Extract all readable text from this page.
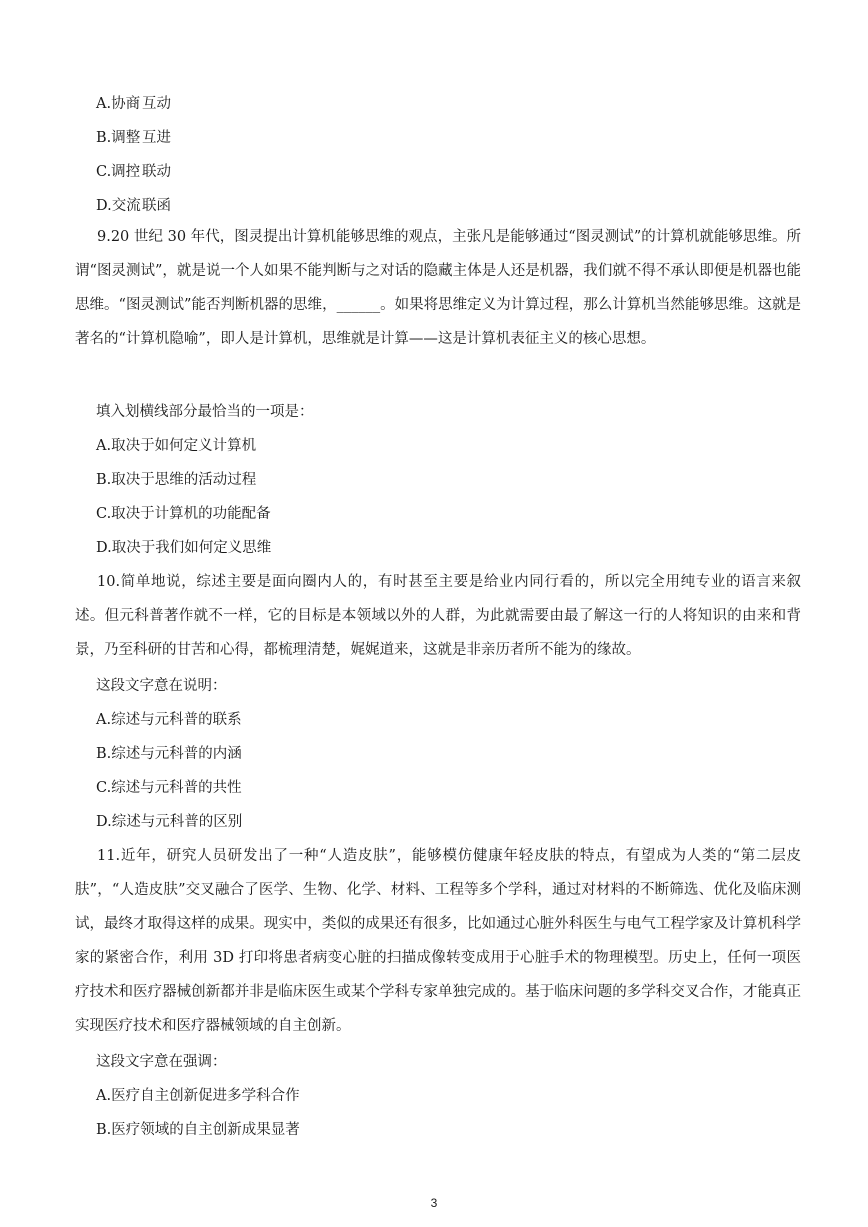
A.协商 互动
B.调整 互进
C.调控 联动
D.交流联函
9.20 世纪 30 年代，图灵提出计算机能够思维的观点，主张凡是能够通过“图灵测试”的计算机就能够思维。所谓“图灵测试”，就是说一个人如果不能判断与之对话的隐藏主体是人还是机器，我们就不得不承认即便是机器也能思维。“图灵测试”能否判断机器的思维，______。如果将思维定义为计算过程，那么计算机当然能够思维。这就是著名的“计算机隐喻”，即人是计算机，思维就是计算——这是计算机表征主义的核心思想。
填入划横线部分最恰当的一项是：
A.取决于如何定义计算机
B.取决于思维的活动过程
C.取决于计算机的功能配备
D.取决于我们如何定义思维
10.简单地说，综述主要是面向圈内人的，有时甚至主要是给业内同行看的，所以完全用纯专业的语言来叙述。但元科普著作就不一样，它的目标是本领域以外的人群，为此就需要由最了解这一行的人将知识的由来和背景，乃至科研的甘苦和心得，都梳理清楚，娓娓道来，这就是非亲历者所不能为的缘故。
这段文字意在说明：
A.综述与元科普的联系
B.综述与元科普的内涵
C.综述与元科普的共性
D.综述与元科普的区别
11.近年，研究人员研发出了一种“人造皮肤”，能够模仿健康年轻皮肤的特点，有望成为人类的“第二层皮肤”，“人造皮肤”交叉融合了医学、生物、化学、材料、工程等多个学科，通过对材料的不断筛选、优化及临床测试，最终才取得这样的成果。现实中，类似的成果还有很多，比如通过心脏外科医生与电气工程学家及计算机科学家的紧密合作，利用 3D 打印将患者病变心脏的扫描成像转变成用于心脏手术的物理模型。历史上，任何一项医疗技术和医疗器械创新都并非是临床医生或某个学科专家单独完成的。基于临床问题的多学科交叉合作，才能真正实现医疗技术和医疗器械领域的自主创新。
这段文字意在强调：
A.医疗自主创新促进多学科合作
B.医疗领域的自主创新成果显著
3
